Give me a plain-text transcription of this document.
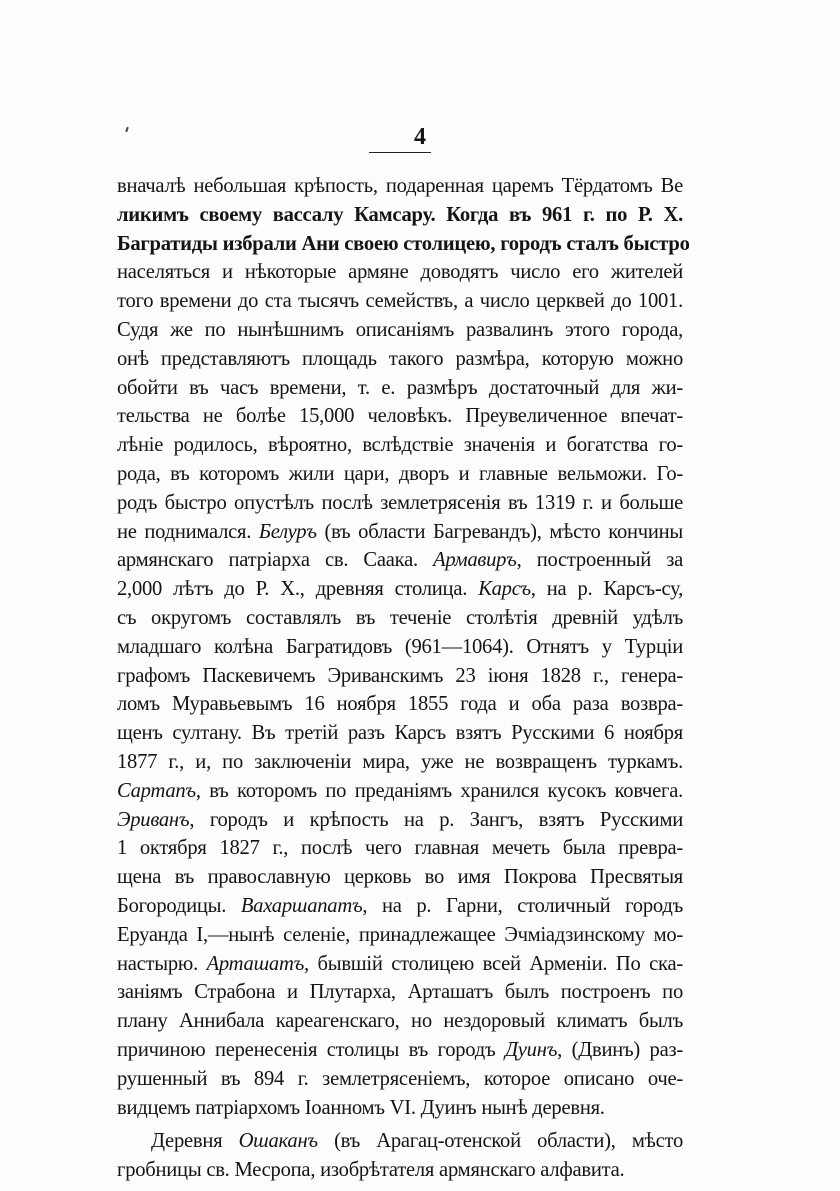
4
вначалѣ небольшая крѣпость, подаренная царемъ Тёрдатомъ Ве
ликимъ своему вассалу Камсару. Когда въ 961 г. по Р. Х.
Багратиды избрали Ани своею столицею, городъ сталъ быстро
населяться и нѣкоторые армяне доводятъ число его жителей
того времени до ста тысячъ семействъ, а число церквей до 1001.
Судя же по нынѣшнимъ описаніямъ развалинъ этого города,
онѣ представляютъ площадь такого размѣра, которую можно
обойти въ часъ времени, т. е. размѣръ достаточный для жи-
тельства не болѣе 15,000 человѣкъ. Преувеличенное впечат-
лѣніе родилось, вѣроятно, вслѣдствіе значенія и богатства го-
рода, въ которомъ жили цари, дворъ и главные вельможи. Го-
родъ быстро опустѣлъ послѣ землетрясенія въ 1319 г. и больше
не поднимался. Белуръ (въ области Багревандъ), мѣсто кончины
армянскаго патріарха св. Саака. Армавиръ, построенный за
2,000 лѣтъ до Р. Х., древняя столица. Карсъ, на р. Карсъ-су,
съ округомъ составлялъ въ теченіе столѣтія древній удѣлъ
младшаго колѣна Багратидовъ (961—1064). Отнятъ у Турціи
графомъ Паскевичемъ Эриванскимъ 23 іюня 1828 г., генера-
ломъ Муравьевымъ 16 ноября 1855 года и оба раза возвра-
щенъ султану. Въ третій разъ Карсъ взятъ Русскими 6 ноября
1877 г., и, по заключеніи мира, уже не возвращенъ туркамъ.
Сартапъ, въ которомъ по преданіямъ хранился кусокъ ковчега.
Эриванъ, городъ и крѣпость на р. Зангъ, взятъ Русскими
1 октября 1827 г., послѣ чего главная мечеть была превра-
щена въ православную церковь во имя Покрова Пресвятыя
Богородицы. Вахаршапатъ, на р. Гарни, столичный городъ
Еруанда I,—нынѣ селеніе, принадлежащее Эчміадзинскому мо-
настырю. Арташатъ, бывшій столицею всей Арменіи. По ска-
заніямъ Страбона и Плутарха, Арташатъ былъ построенъ по
плану Аннибала кареагенскаго, но нездоровый климатъ былъ
причиною перенесенія столицы въ городъ Дуинъ, (Двинъ) раз-
рушенный въ 894 г. землетрясеніемъ, которое описано оче-
видцемъ патріархомъ Іоанномъ VI. Дуинъ нынѣ деревня.
Деревня Ошаканъ (въ Арагац-отенской области), мѣсто
гробницы св. Месропа, изобрѣтателя армянскаго алфавита.
